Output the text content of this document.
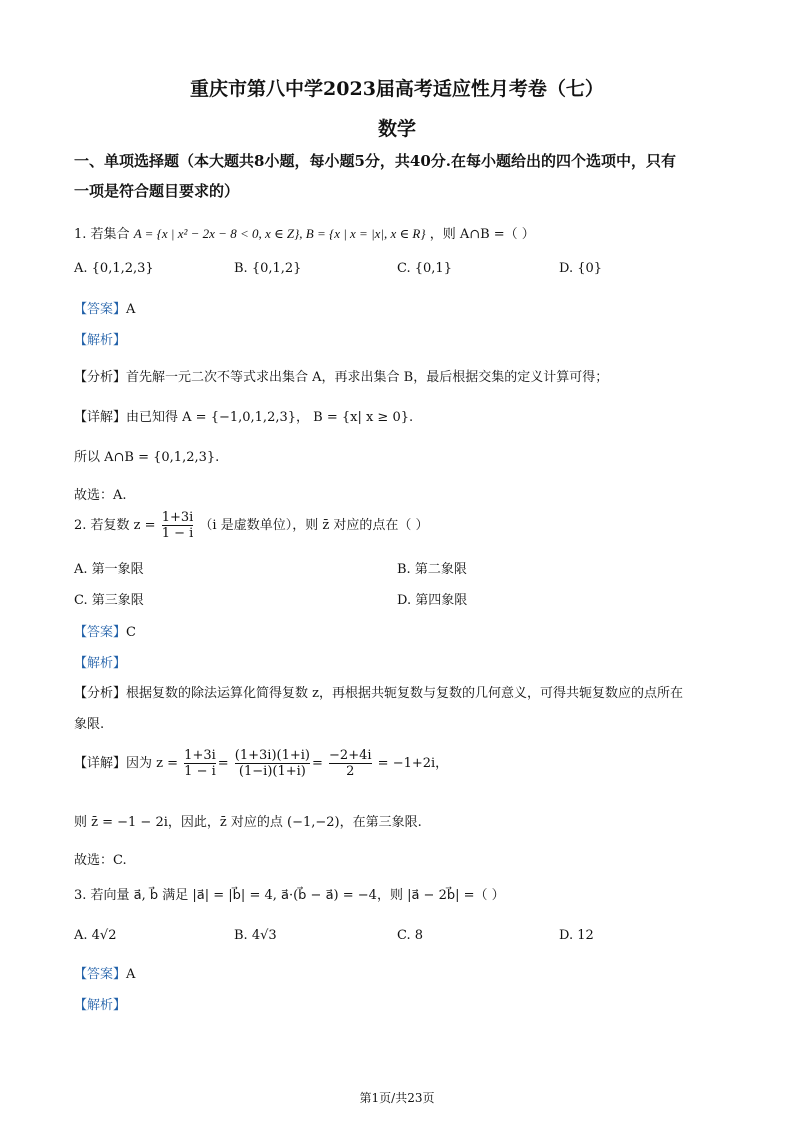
重庆市第八中学2023届高考适应性月考卷（七）
数学
一、单项选择题（本大题共8小题，每小题5分，共40分.在每小题给出的四个选项中，只有
一项是符合题目要求的）
1. 若集合 A = {x | x² − 2x − 8 < 0, x ∈ Z}, B = {x | x = |x|, x ∈ R} ，则 A∩B =（ ）
A. {0,1,2,3}	B. {0,1,2}	C. {0,1}	D. {0}
【答案】A
【解析】
【分析】首先解一元二次不等式求出集合 A，再求出集合 B，最后根据交集的定义计算可得；
【详解】由已知得 A = {−1,0,1,2,3}， B = {x| x ≥ 0}.
所以 A∩B = {0,1,2,3}.
故选：A.
2. 若复数 $z = \frac{1+3i}{1 - i} (i$ 是虚数单位），则 z̄ 对应的点在（ ）
A. 第一象限	B. 第二象限
C. 第三象限	D. 第四象限
【答案】C
【解析】
【分析】根据复数的除法运算化简得复数 z，再根据共轭复数与复数的几何意义，可得共轭复数应的点所在
象限.
【详解】因为 $z = \frac{1+3i}{1 - i} = \frac{(1+3i)(1+i)}{(1-i)(1+i)} = \frac{-2+4i}{2} = -1+2i$，
则 z̄ = −1 − 2i，因此，z̄ 对应的点 (−1,−2)，在第三象限.
故选：C.
3. 若向量 a⃗, b⃗ 满足 |a⃗| = |b⃗| = 4, a⃗·(b⃗ − a⃗) = −4，则 |a⃗ − 2b⃗| =（ ）
A. 4√2	B. 4√3	C. 8	D. 12
【答案】A
【解析】
第1页/共23页
